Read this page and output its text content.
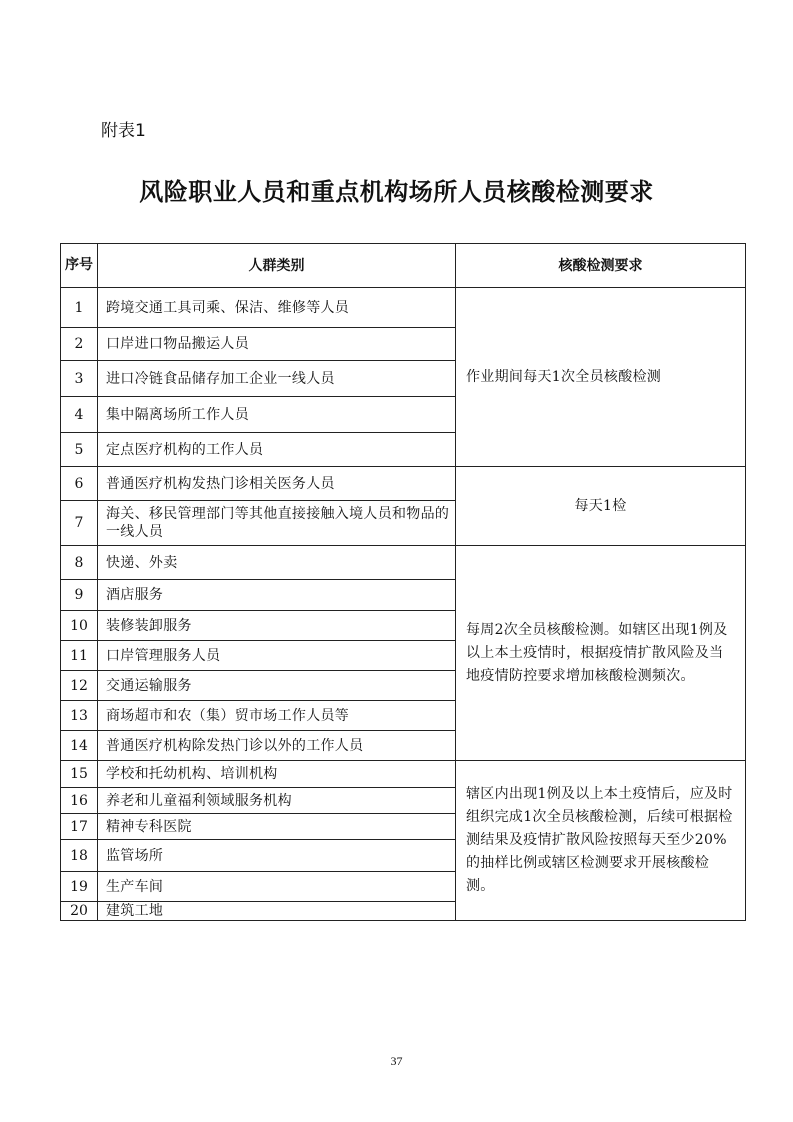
附表1
风险职业人员和重点机构场所人员核酸检测要求
序号	人群类别	核酸检测要求
1	跨境交通工具司乘、保洁、维修等人员	作业期间每天1次全员核酸检测
2	口岸进口物品搬运人员	
3	进口冷链食品储存加工企业一线人员	
4	集中隔离场所工作人员	
5	定点医疗机构的工作人员	
6	普通医疗机构发热门诊相关医务人员	每天1检
7	海关、移民管理部门等其他直接接触入境人员和物品的一线人员	
8	快递、外卖	每周2次全员核酸检测。如辖区出现1例及以上本土疫情时，根据疫情扩散风险及当地疫情防控要求增加核酸检测频次。
9	酒店服务	
10	装修装卸服务	
11	口岸管理服务人员	
12	交通运输服务	
13	商场超市和农（集）贸市场工作人员等	
14	普通医疗机构除发热门诊以外的工作人员	
15	学校和托幼机构、培训机构	辖区内出现1例及以上本土疫情后，应及时组织完成1次全员核酸检测，后续可根据检测结果及疫情扩散风险按照每天至少20%的抽样比例或辖区检测要求开展核酸检测。
16	养老和儿童福利领域服务机构	
17	精神专科医院	
18	监管场所	
19	生产车间	
20	建筑工地	
37
